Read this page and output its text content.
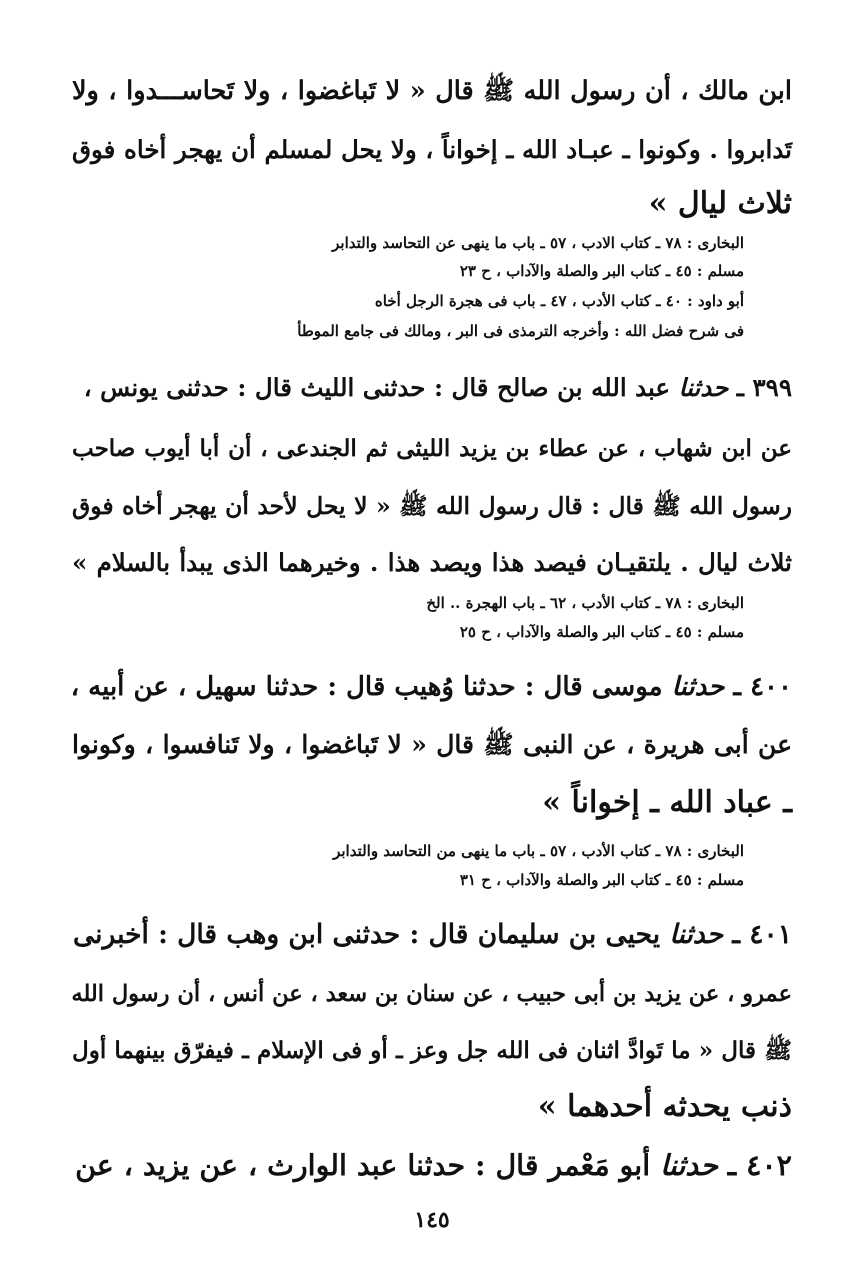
ابن مالك ، أن رسول الله ﷺ قال « لا تَباغضوا ، ولا تَحاســـدوا ، ولا

تَدابروا . وكونوا ـ عبـاد الله ـ إخواناً ، ولا يحل لمسلم أن يهجر أخاه فوق

ثلاث ليال »

البخارى : ٧٨ ـ كتاب الادب ، ٥٧ ـ باب ما ينهى عن التحاسد والتدابر

مسلم : ٤٥ ـ كتاب البر والصلة والآداب ، ح ٢٣

أبو داود : ٤٠ ـ كتاب الأدب ، ٤٧ ـ باب فى هجرة الرجل أخاه

فى شرح فضل الله : وأخرجه الترمذى فى البر ، ومالك فى جامع الموطأ

٣٩٩ ـ حدثنا عبد الله بن صالح قال : حدثنى الليث قال : حدثنى يونس ،

عن ابن شهاب ، عن عطاء بن يزيد الليثى ثم الجندعى ، أن أبا أيوب صاحب

رسول الله ﷺ قال : قال رسول الله ﷺ « لا يحل لأحد أن يهجر أخاه فوق

ثلاث ليال . يلتقيـان فيصد هذا ويصد هذا . وخيرهما الذى يبدأ بالسلام »

البخارى : ٧٨ ـ كتاب الأدب ، ٦٢ ـ باب الهجرة .. الخ

مسلم : ٤٥ ـ كتاب البر والصلة والآداب ، ح ٢٥

٤٠٠ ـ حدثنا موسى قال : حدثنا وُهيب قال : حدثنا سهيل ، عن أبيه ،

عن أبى هريرة ، عن النبى ﷺ قال « لا تَباغضوا ، ولا تَنافسوا ، وكونوا

ـ عباد الله ـ إخواناً »

البخارى : ٧٨ ـ كتاب الأدب ، ٥٧ ـ باب ما ينهى من التحاسد والتدابر

مسلم : ٤٥ ـ كتاب البر والصلة والآداب ، ح ٣١

٤٠١ ـ حدثنا يحيى بن سليمان قال : حدثنى ابن وهب قال : أخبرنى

عمرو ، عن يزيد بن أبى حبيب ، عن سنان بن سعد ، عن أنس ، أن رسول الله

ﷺ قال « ما تَوادَّ اثنان فى الله جل وعز ـ أو فى الإسلام ـ فيفرّق بينهما أول

ذنب يحدثه أحدهما »

٤٠٢ ـ حدثنا أبو مَعْمر قال : حدثنا عبد الوارث ، عن يزيد ، عن

١٤٥
